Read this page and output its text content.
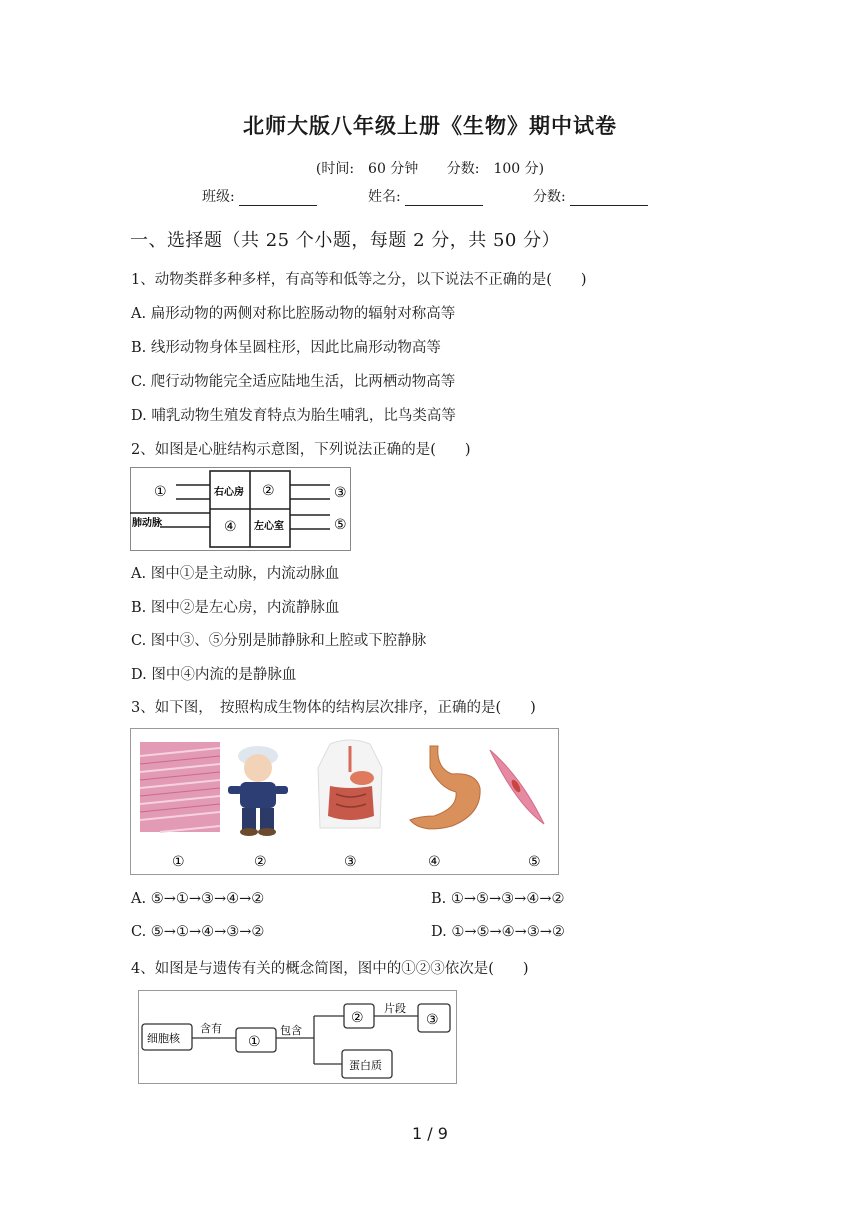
北师大版八年级上册《生物》期中试卷
(时间:　60 分钟 分数:　100 分)
班级:	姓名:	分数:
一、选择题（共 25 个小题，每题 2 分，共 50 分）
1、动物类群多种多样，有高等和低等之分，以下说法不正确的是(　　)
A. 扁形动物的两侧对称比腔肠动物的辐射对称高等
B. 线形动物身体呈圆柱形，因此比扁形动物高等
C. 爬行动物能完全适应陆地生活，比两栖动物高等
D. 哺乳动物生殖发育特点为胎生哺乳，比鸟类高等
2、如图是心脏结构示意图，下列说法正确的是(　　)
①	右心房 ②	③
肺动脉	④ 左心室	⑤
A. 图中①是主动脉，内流动脉血
B. 图中②是左心房，内流静脉血
C. 图中③、⑤分别是肺静脉和上腔或下腔静脉
D. 图中④内流的是静脉血
3、如下图，　按照构成生物体的结构层次排序，正确的是(　　)
①	②	③	④	⑤
A. ⑤→①→③→④→②	B. ①→⑤→③→④→②
C. ⑤→①→④→③→②	D. ①→⑤→④→③→②
4、如图是与遗传有关的概念简图，图中的①②③依次是(　　)
细胞核
含有
①
包含
②
片段
③
蛋白质
1 / 9
